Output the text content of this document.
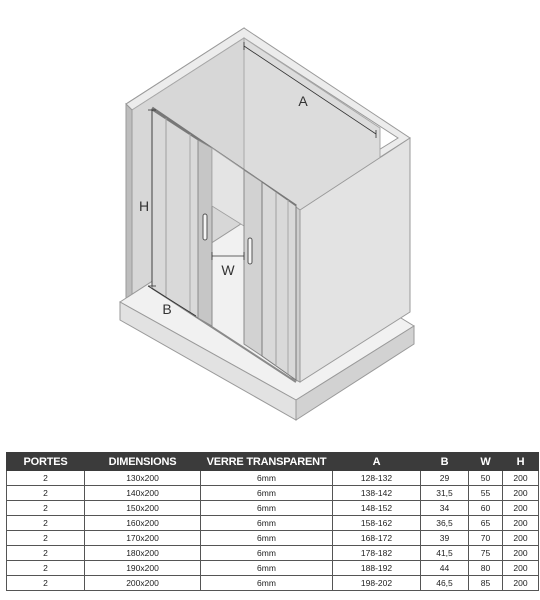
A
H
B
W
PORTES	DIMENSIONS	VERRE TRANSPARENT	A	B	W	H
2	130x200	6mm	128-132	29	50	200
2	140x200	6mm	138-142	31,5	55	200
2	150x200	6mm	148-152	34	60	200
2	160x200	6mm	158-162	36,5	65	200
2	170x200	6mm	168-172	39	70	200
2	180x200	6mm	178-182	41,5	75	200
2	190x200	6mm	188-192	44	80	200
2	200x200	6mm	198-202	46,5	85	200
